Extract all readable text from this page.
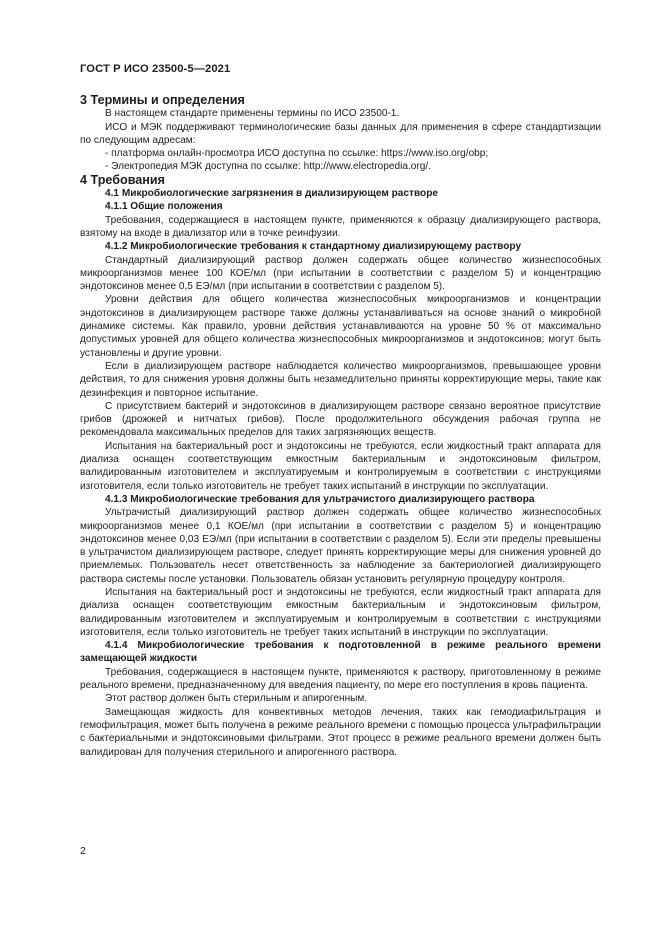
ГОСТ Р ИСО 23500-5—2021

3 Термины и определения

В настоящем стандарте применены термины по ИСО 23500-1.

ИСО и МЭК поддерживают терминологические базы данных для применения в сфере стандартизации по следующим адресам:

- платформа онлайн-просмотра ИСО доступна по ссылке: https://www.iso.org/obp;

- Электропедия МЭК доступна по ссылке: http://www.electropedia.org/.

4 Требования

4.1 Микробиологические загрязнения в диализирующем растворе

4.1.1 Общие положения

Требования, содержащиеся в настоящем пункте, применяются к образцу диализирующего раствора, взятому на входе в диализатор или в точке реинфузии.

4.1.2 Микробиологические требования к стандартному диализирующему раствору

Стандартный диализирующий раствор должен содержать общее количество жизнеспособных микроорганизмов менее 100 КОЕ/мл (при испытании в соответствии с разделом 5) и концентрацию эндотоксинов менее 0,5 ЕЭ/мл (при испытании в соответствии с разделом 5).

Уровни действия для общего количества жизнеспособных микроорганизмов и концентрации эндотоксинов в диализирующем растворе также должны устанавливаться на основе знаний о микробной динамике системы. Как правило, уровни действия устанавливаются на уровне 50 % от максимально допустимых уровней для общего количества жизнеспособных микроорганизмов и эндотоксинов; могут быть установлены и другие уровни.

Если в диализирующем растворе наблюдается количество микроорганизмов, превышающее уровни действия, то для снижения уровня должны быть незамедлительно приняты корректирующие меры, такие как дезинфекция и повторное испытание.

С присутствием бактерий и эндотоксинов в диализирующем растворе связано вероятное присутствие грибов (дрожжей и нитчатых грибов). После продолжительного обсуждения рабочая группа не рекомендовала максимальных пределов для таких загрязняющих веществ.

Испытания на бактериальный рост и эндотоксины не требуются, если жидкостный тракт аппарата для диализа оснащен соответствующим емкостным бактериальным и эндотоксиновым фильтром, валидированным изготовителем и эксплуатируемым и контролируемым в соответствии с инструкциями изготовителя, если только изготовитель не требует таких испытаний в инструкции по эксплуатации.

4.1.3 Микробиологические требования для ультрачистого диализирующего раствора

Ультрачистый диализирующий раствор должен содержать общее количество жизнеспособных микроорганизмов менее 0,1 КОЕ/мл (при испытании в соответствии с разделом 5) и концентрацию эндотоксинов менее 0,03 ЕЭ/мл (при испытании в соответствии с разделом 5). Если эти пределы превышены в ультрачистом диализирующем растворе, следует принять корректирующие меры для снижения уровней до приемлемых. Пользователь несет ответственность за наблюдение за бактериологией диализирующего раствора системы после установки. Пользователь обязан установить регулярную процедуру контроля.

Испытания на бактериальный рост и эндотоксины не требуются, если жидкостный тракт аппарата для диализа оснащен соответствующим емкостным бактериальным и эндотоксиновым фильтром, валидированным изготовителем и эксплуатируемым и контролируемым в соответствии с инструкциями изготовителя, если только изготовитель не требует таких испытаний в инструкции по эксплуатации.

4.1.4 Микробиологические требования к подготовленной в режиме реального времени замещающей жидкости

Требования, содержащиеся в настоящем пункте, применяются к раствору, приготовленному в режиме реального времени, предназначенному для введения пациенту, по мере его поступления в кровь пациента.

Этот раствор должен быть стерильным и апирогенным.

Замещающая жидкость для конвективных методов лечения, таких как гемодиафильтрация и гемофильтрация, может быть получена в режиме реального времени с помощью процесса ультрафильтрации с бактериальными и эндотоксиновыми фильтрами. Этот процесс в режиме реального времени должен быть валидирован для получения стерильного и апирогенного раствора.

2
